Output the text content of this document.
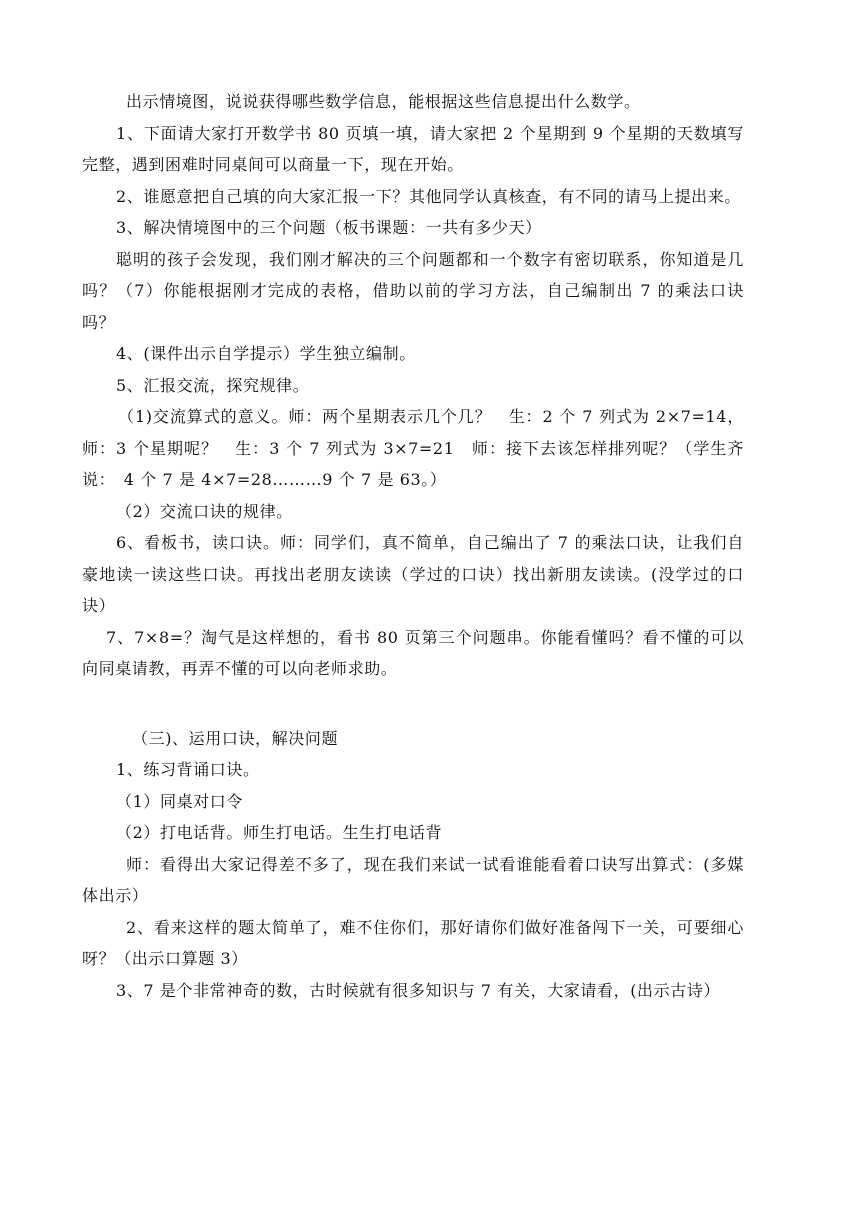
出示情境图，说说获得哪些数学信息，能根据这些信息提出什么数学。

1、下面请大家打开数学书 80 页填一填，请大家把 2 个星期到 9 个星期的天数填写完整，遇到困难时同桌间可以商量一下，现在开始。

2、谁愿意把自己填的向大家汇报一下？其他同学认真核查，有不同的请马上提出来。

3、解决情境图中的三个问题（板书课题：一共有多少天）

聪明的孩子会发现，我们刚才解决的三个问题都和一个数字有密切联系，你知道是几吗？（7）你能根据刚才完成的表格，借助以前的学习方法，自己编制出 7 的乘法口诀吗？

4、(课件出示自学提示）学生独立编制。

5、汇报交流，探究规律。

（1)交流算式的意义。师：两个星期表示几个几？　生：2 个 7 列式为 2×7=14，师：3 个星期呢？　生：3 个 7 列式为 3×7=21　师：接下去该怎样排列呢？（学生齐说：　4 个 7 是 4×7=28………9 个 7 是 63。）

（2）交流口诀的规律。

6、看板书，读口诀。师：同学们，真不简单，自己编出了 7 的乘法口诀，让我们自豪地读一读这些口诀。再找出老朋友读读（学过的口诀）找出新朋友读读。(没学过的口诀）

7、7×8=？淘气是这样想的，看书 80 页第三个问题串。你能看懂吗？看不懂的可以向同桌请教，再弄不懂的可以向老师求助。

（三)、运用口诀，解决问题

1、练习背诵口诀。

（1）同桌对口令

（2）打电话背。师生打电话。生生打电话背

师：看得出大家记得差不多了，现在我们来试一试看谁能看着口诀写出算式：(多媒体出示）

2、看来这样的题太简单了，难不住你们，那好请你们做好准备闯下一关，可要细心呀？（出示口算题 3）

3、7 是个非常神奇的数，古时候就有很多知识与 7 有关，大家请看，(出示古诗）
